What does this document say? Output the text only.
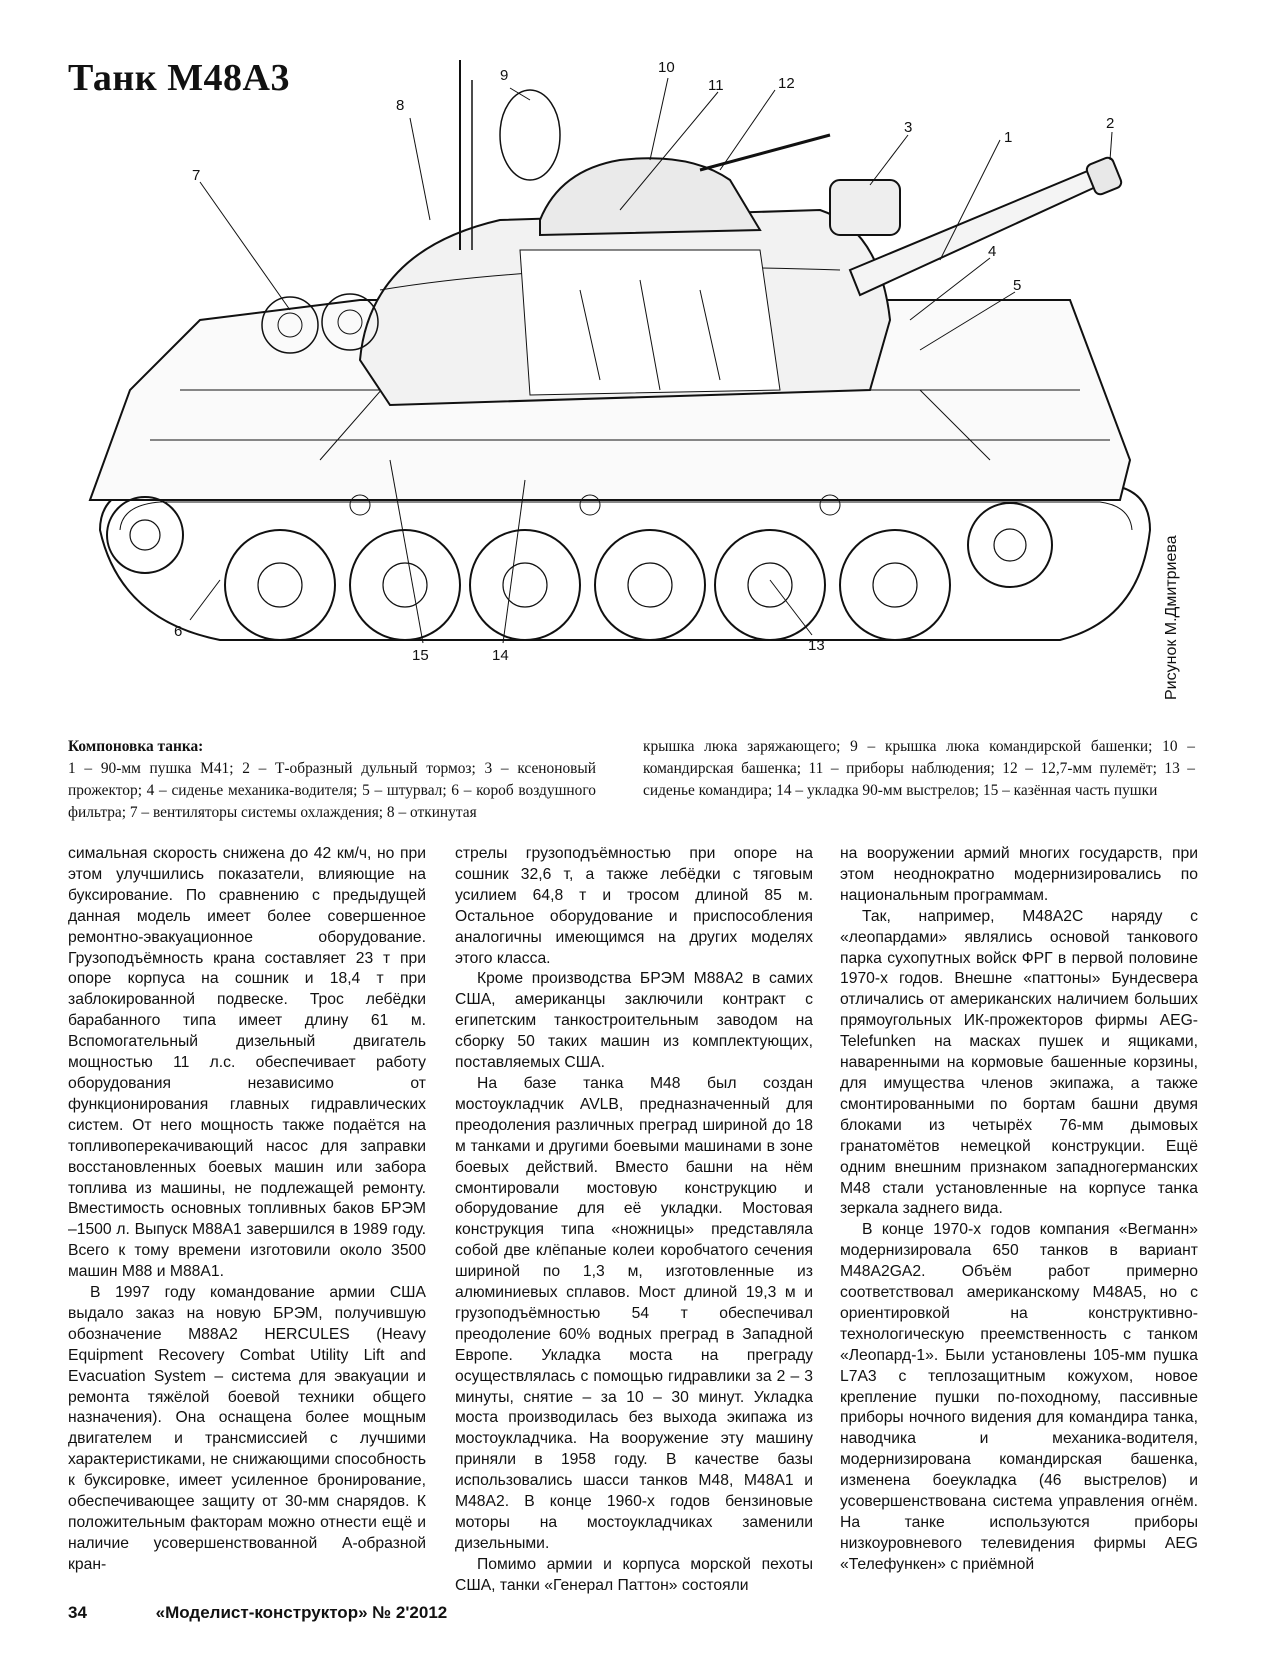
Танк М48А3
1
2
3
4
5
6
7
8
9	10
11	12
13
14
15	Рисунок М.Дмитриева
Компоновка танка:
1 – 90-мм пушка М41; 2 – Т-образный дульный тормоз; 3 – ксеноновый прожектор; 4 – сиденье механика-водителя; 5 – штурвал; 6 – короб воздушного фильтра; 7 – вентиляторы системы охлаждения; 8 – откинутая
крышка люка заряжающего; 9 – крышка люка командирской башенки; 10 – командирская башенка; 11 – приборы наблюдения; 12 – 12,7-мм пулемёт; 13 – сиденье командира; 14 – укладка 90-мм выстрелов; 15 – казённая часть пушки

симальная скорость снижена до 42 км/ч, но при этом улучшились показатели, влияющие на буксирование. По сравнению с предыдущей данная модель имеет более совершенное ремонтно-эвакуационное оборудование. Грузоподъёмность крана составляет 23 т при опоре корпуса на сошник и 18,4 т при заблокированной подвеске. Трос лебёдки барабанного типа имеет длину 61 м. Вспомогательный дизельный двигатель мощностью 11 л.с. обеспечивает работу оборудования независимо от функционирования главных гидравлических систем. От него мощность также подаётся на топливоперекачивающий насос для заправки восстановленных боевых машин или забора топлива из машины, не подлежащей ремонту. Вместимость основных топливных баков БРЭМ –1500 л. Выпуск M88A1 завершился в 1989 году. Всего к тому времени изготовили около 3500 машин М88 и M88A1.

В 1997 году командование армии США выдало заказ на новую БРЭМ, получившую обозначение M88A2 HERCULES (Heavy Equipment Recovery Combat Utility Lift and Evacuation System – система для эвакуации и ремонта тяжёлой боевой техники общего назначения). Она оснащена более мощным двигателем и трансмиссией с лучшими характеристиками, не снижающими способность к буксировке, имеет усиленное бронирование, обеспечивающее защиту от 30-мм снарядов. К положительным факторам можно отнести ещё и наличие усовершенствованной А-образной кран-

стрелы грузоподъёмностью при опоре на сошник 32,6 т, а также лебёдки с тяговым усилием 64,8 т и тросом длиной 85 м. Остальное оборудование и приспособления аналогичны имеющимся на других моделях этого класса.

Кроме производства БРЭМ M88A2 в самих США, американцы заключили контракт с египетским танкостроительным заводом на сборку 50 таких машин из комплектующих, поставляемых США.

На базе танка М48 был создан мостоукладчик AVLB, предназначенный для преодоления различных преград шириной до 18 м танками и другими боевыми машинами в зоне боевых действий. Вместо башни на нём смонтировали мостовую конструкцию и оборудование для её укладки. Мостовая конструкция типа «ножницы» представляла собой две клёпаные колеи коробчатого сечения шириной по 1,3 м, изготовленные из алюминиевых сплавов. Мост длиной 19,3 м и грузоподъёмностью 54 т обеспечивал преодоление 60% водных преград в Западной Европе. Укладка моста на преграду осуществлялась с помощью гидравлики за 2 – 3 минуты, снятие – за 10 – 30 минут. Укладка моста производилась без выхода экипажа из мостоукладчика. На вооружение эту машину приняли в 1958 году. В качестве базы использовались шасси танков М48, М48А1 и М48А2. В конце 1960-х годов бензиновые моторы на мостоукладчиках заменили дизельными.

Помимо армии и корпуса морской пехоты США, танки «Генерал Паттон» состояли

на вооружении армий многих государств, при этом неоднократно модернизировались по национальным программам.

Так, например, М48А2С наряду с «леопардами» являлись основой танкового парка сухопутных войск ФРГ в первой половине 1970-х годов. Внешне «паттоны» Бундесвера отличались от американских наличием больших прямоугольных ИК-прожекторов фирмы AEG-Telefunken на масках пушек и ящиками, наваренными на кормовые башенные корзины, для имущества членов экипажа, а также смонтированными по бортам башни двумя блоками из четырёх 76-мм дымовых гранатомётов немецкой конструкции. Ещё одним внешним признаком западногерманских М48 стали установленные на корпусе танка зеркала заднего вида.

В конце 1970-х годов компания «Вегманн» модернизировала 650 танков в вариант M48A2GA2. Объём работ примерно соответствовал американскому М48А5, но с ориентировкой на конструктивно-технологическую преемственность с танком «Леопард-1». Были установлены 105-мм пушка L7A3 с теплозащитным кожухом, новое крепление пушки по-походному, пассивные приборы ночного видения для командира танка, наводчика и механика-водителя, модернизирована командирская башенка, изменена боеукладка (46 выстрелов) и усовершенствована система управления огнём. На танке используются приборы низкоуровневого телевидения фирмы AEG «Телефункен» с приёмной

34	«Моделист-конструктор» № 2'2012
